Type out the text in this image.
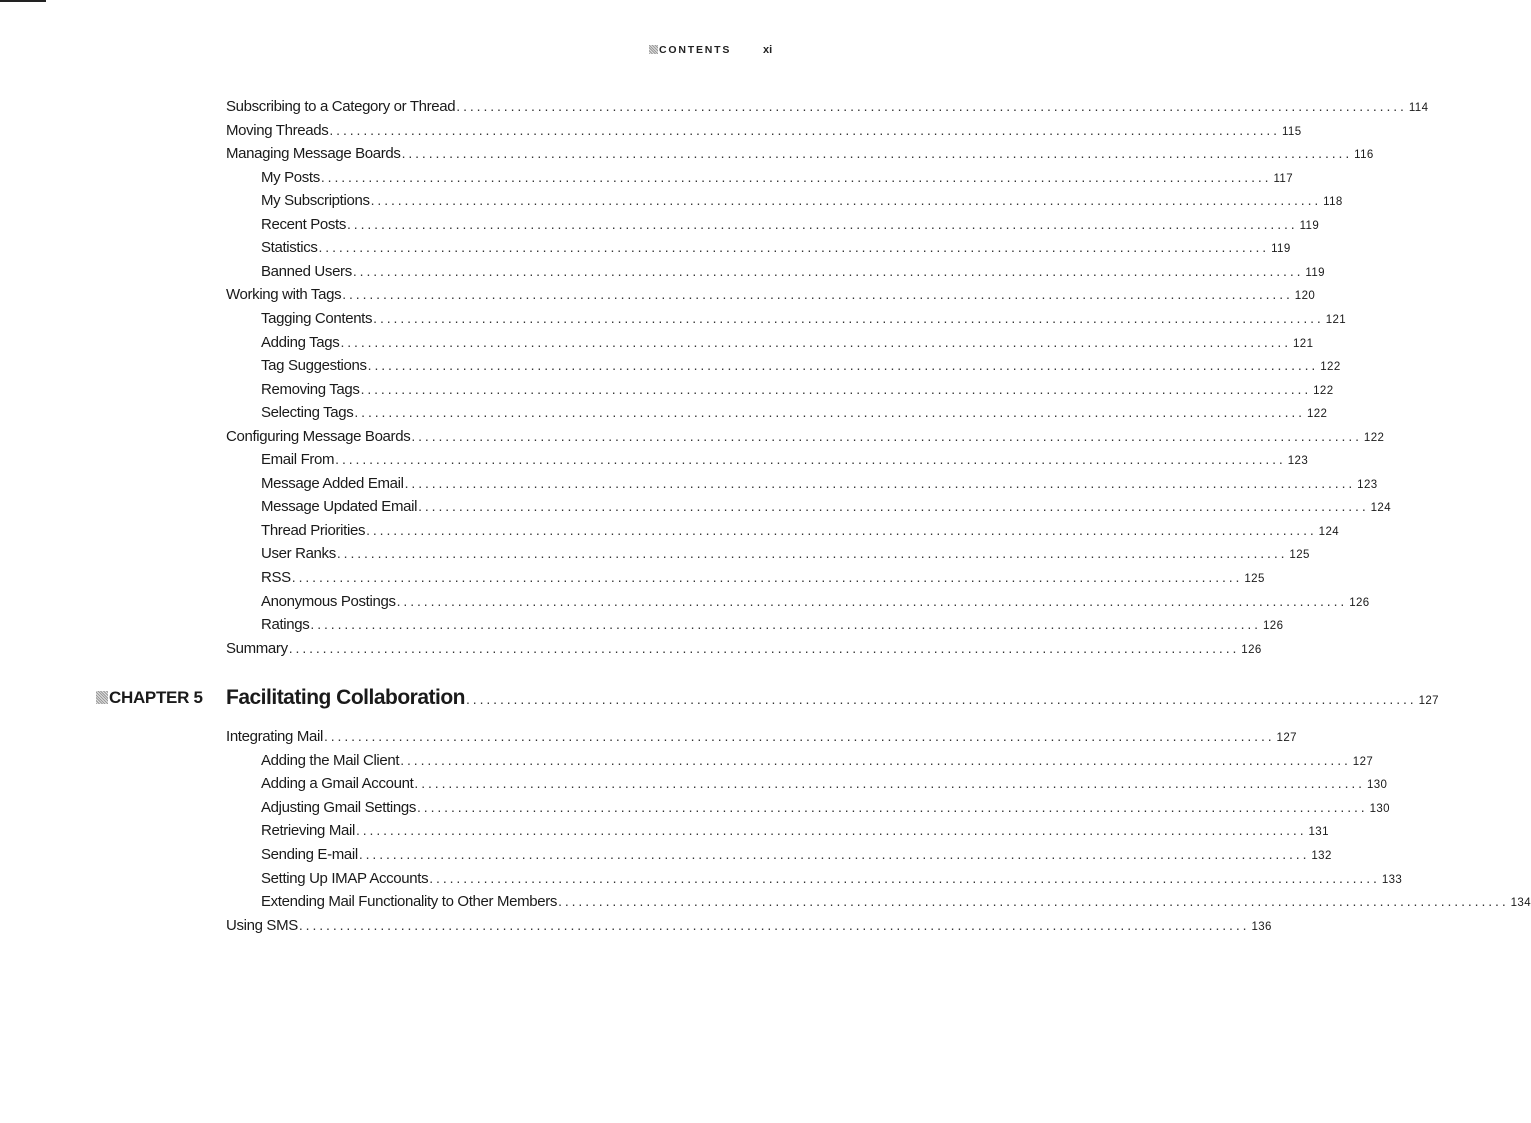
CONTENTS	xi
CHAPTER 5 Facilitating Collaboration ............................................................................................................................................ 127
Subscribing to a Category or Thread ............................................................................................................................................ 114
Moving Threads ............................................................................................................................................ 115
Managing Message Boards ............................................................................................................................................ 116
My Posts ............................................................................................................................................ 117
My Subscriptions ............................................................................................................................................ 118
Recent Posts ............................................................................................................................................ 119
Statistics ............................................................................................................................................ 119
Banned Users ............................................................................................................................................ 119
Working with Tags ............................................................................................................................................ 120
Tagging Contents ............................................................................................................................................ 121
Adding Tags ............................................................................................................................................ 121
Tag Suggestions ............................................................................................................................................ 122
Removing Tags ............................................................................................................................................ 122
Selecting Tags ............................................................................................................................................ 122
Configuring Message Boards ............................................................................................................................................ 122
Email From ............................................................................................................................................ 123
Message Added Email ............................................................................................................................................ 123
Message Updated Email ............................................................................................................................................ 124
Thread Priorities ............................................................................................................................................ 124
User Ranks ............................................................................................................................................ 125
RSS ............................................................................................................................................ 125
Anonymous Postings ............................................................................................................................................ 126
Ratings ............................................................................................................................................ 126
Summary ............................................................................................................................................ 126
Integrating Mail ............................................................................................................................................ 127
Adding the Mail Client ............................................................................................................................................ 127
Adding a Gmail Account ............................................................................................................................................ 130
Adjusting Gmail Settings ............................................................................................................................................ 130
Retrieving Mail ............................................................................................................................................ 131
Sending E-mail ............................................................................................................................................ 132
Setting Up IMAP Accounts ............................................................................................................................................ 133
Extending Mail Functionality to Other Members ............................................................................................................................................ 134
Using SMS ............................................................................................................................................ 136
